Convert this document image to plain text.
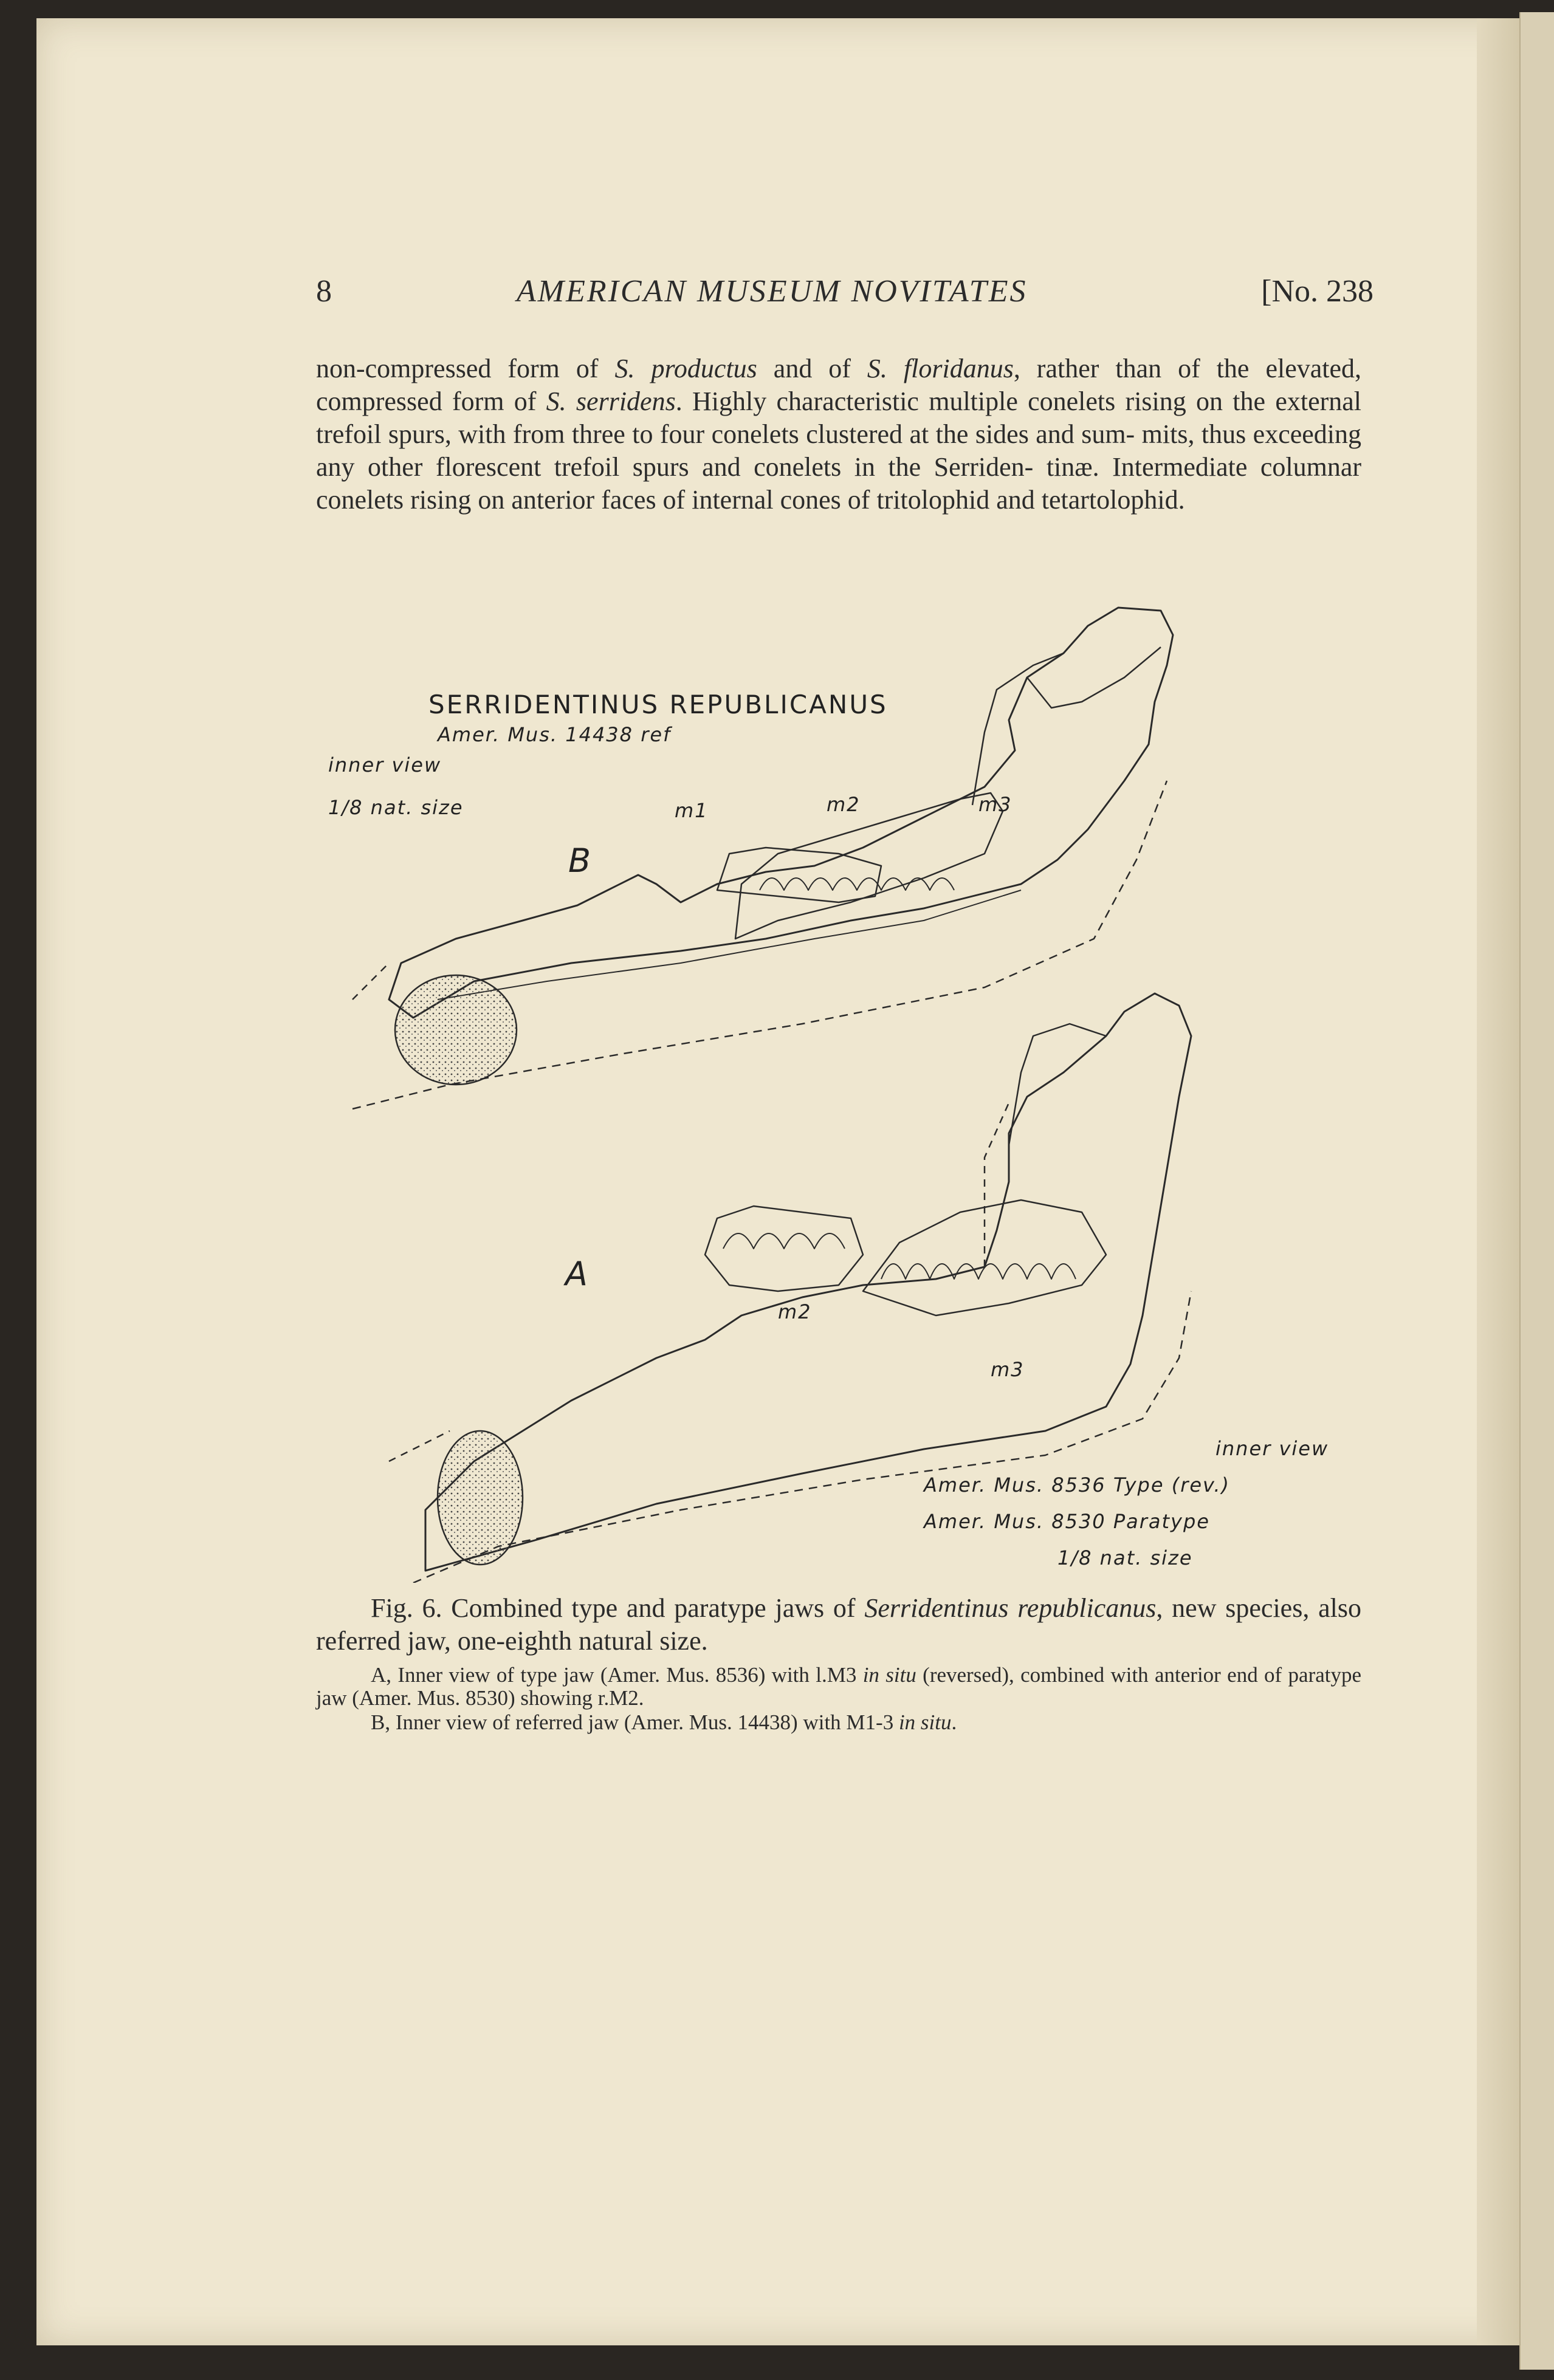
8	AMERICAN MUSEUM NOVITATES	[No. 238

non-compressed form of S. productus and of S. floridanus, rather than of the elevated, compressed form of S. serridens. Highly characteristic multiple conelets rising on the external trefoil spurs, with from three to four conelets clustered at the sides and sum- mits, thus exceeding any other florescent trefoil spurs and conelets in the Serriden- tinæ. Intermediate columnar conelets rising on anterior faces of internal cones of tritolophid and tetartolophid.

SERRIDENTINUS REPUBLICANUS
Amer. Mus. 14438 ref
inner view
1/8 nat. size
B
m1	m2	m3
A
m2
m3
inner view
Amer. Mus. 8536 Type (rev.)
Amer. Mus. 8530 Paratype
1/8 nat. size

Fig. 6. Combined type and paratype jaws of Serridentinus republicanus, new species, also referred jaw, one-eighth natural size.

A, Inner view of type jaw (Amer. Mus. 8536) with l.M3 in situ (reversed), combined with anterior end of paratype jaw (Amer. Mus. 8530) showing r.M2.

B, Inner view of referred jaw (Amer. Mus. 14438) with M1-3 in situ.
